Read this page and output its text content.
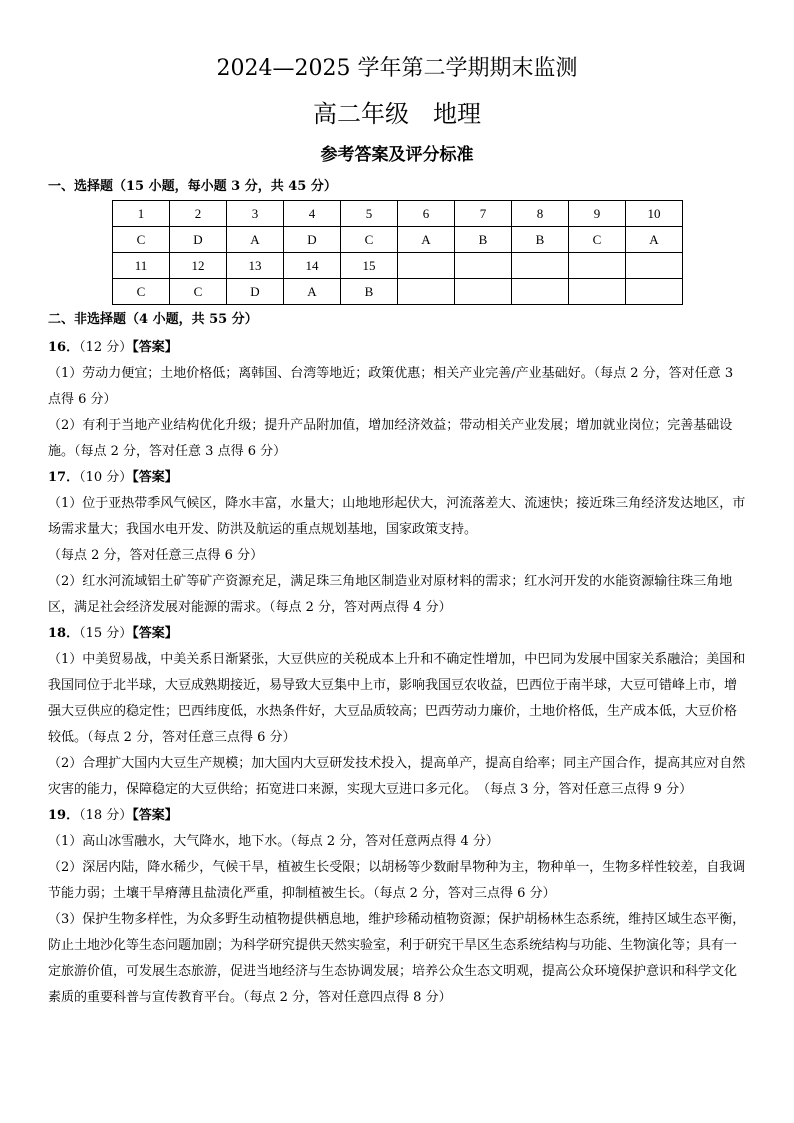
2024—2025 学年第二学期期末监测
高二年级　地理
参考答案及评分标准
一、选择题（15 小题，每小题 3 分，共 45 分）
1	2	3	4	5	6	7	8	9	10
C	D	A	D	C	A	B	B	C	A
11	12	13	14	15					
C	C	D	A	B					
二、非选择题（4 小题，共 55 分）

16．（12 分）【答案】

（1）劳动力便宜；土地价格低；离韩国、台湾等地近；政策优惠；相关产业完善/产业基础好。（每点 2 分，答对任意 3 点得 6 分）

（2）有利于当地产业结构优化升级；提升产品附加值，增加经济效益；带动相关产业发展；增加就业岗位；完善基础设施。（每点 2 分，答对任意 3 点得 6 分）

17．（10 分）【答案】

（1）位于亚热带季风气候区，降水丰富，水量大；山地地形起伏大，河流落差大、流速快；接近珠三角经济发达地区，市场需求量大；我国水电开发、防洪及航运的重点规划基地，国家政策支持。

（每点 2 分，答对任意三点得 6 分）

（2）红水河流域铝土矿等矿产资源充足，满足珠三角地区制造业对原材料的需求；红水河开发的水能资源输往珠三角地区，满足社会经济发展对能源的需求。（每点 2 分，答对两点得 4 分）

18．（15 分）【答案】

（1）中美贸易战，中美关系日渐紧张，大豆供应的关税成本上升和不确定性增加，中巴同为发展中国家关系融洽；美国和我国同位于北半球，大豆成熟期接近，易导致大豆集中上市，影响我国豆农收益，巴西位于南半球，大豆可错峰上市，增强大豆供应的稳定性；巴西纬度低，水热条件好，大豆品质较高；巴西劳动力廉价，土地价格低，生产成本低，大豆价格较低。（每点 2 分，答对任意三点得 6 分）

（2）合理扩大国内大豆生产规模；加大国内大豆研发技术投入，提高单产，提高自给率；同主产国合作，提高其应对自然灾害的能力，保障稳定的大豆供给；拓宽进口来源，实现大豆进口多元化。　（每点 3 分，答对任意三点得 9 分）

19．（18 分）【答案】

（1）高山冰雪融水，大气降水，地下水。（每点 2 分，答对任意两点得 4 分）

（2）深居内陆，降水稀少，气候干旱，植被生长受限；以胡杨等少数耐旱物种为主，物种单一，生物多样性较差，自我调节能力弱；土壤干旱瘠薄且盐渍化严重，抑制植被生长。（每点 2 分，答对三点得 6 分）

（3）保护生物多样性，为众多野生动植物提供栖息地，维护珍稀动植物资源；保护胡杨林生态系统，维持区域生态平衡，防止土地沙化等生态问题加剧；为科学研究提供天然实验室，利于研究干旱区生态系统结构与功能、生物演化等；具有一定旅游价值，可发展生态旅游，促进当地经济与生态协调发展；培养公众生态文明观，提高公众环境保护意识和科学文化素质的重要科普与宣传教育平台。（每点 2 分，答对任意四点得 8 分）
